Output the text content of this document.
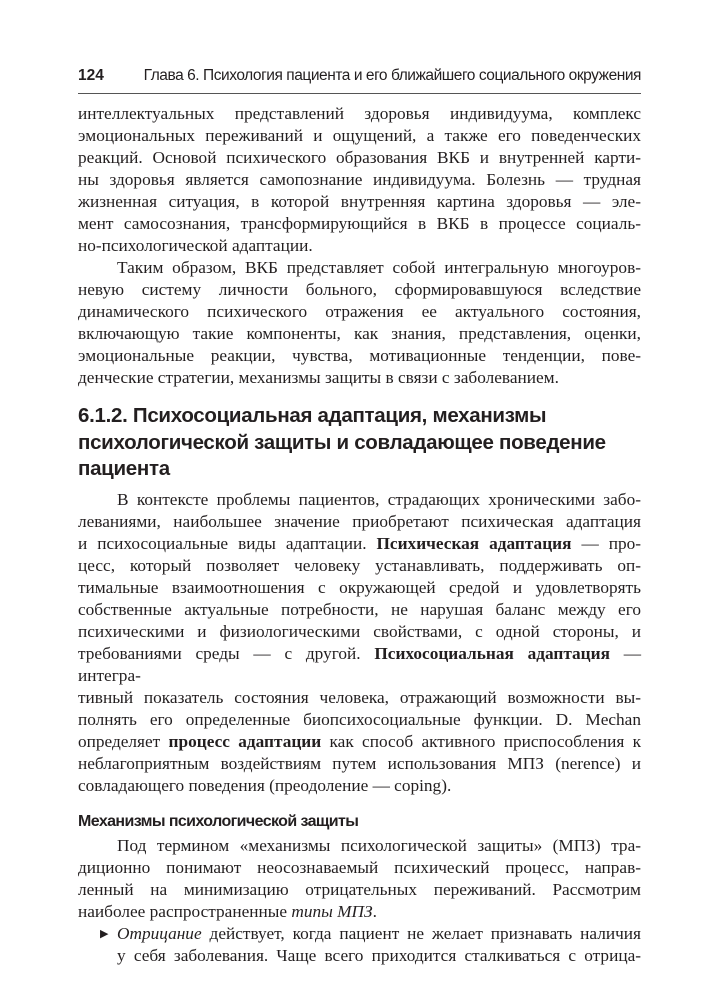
124	Глава 6. Психология пациента и его ближайшего социального окружения
интеллектуальных представлений здоровья индивидуума, комплекс
эмоциональных переживаний и ощущений, а также его поведенческих
реакций. Основой психического образования ВКБ и внутренней карти-
ны здоровья является самопознание индивидуума. Болезнь — трудная
жизненная ситуация, в которой внутренняя картина здоровья — эле-
мент самосознания, трансформирующийся в ВКБ в процессе социаль-
но-психологической адаптации.
Таким образом, ВКБ представляет собой интегральную многоуров-
невую систему личности больного, сформировавшуюся вследствие
динамического психического отражения ее актуального состояния,
включающую такие компоненты, как знания, представления, оценки,
эмоциональные реакции, чувства, мотивационные тенденции, пове-
денческие стратегии, механизмы защиты в связи с заболеванием.
6.1.2. Психосоциальная адаптация, механизмы
психологической защиты и совладающее поведение
пациента
В контексте проблемы пациентов, страдающих хроническими забо-
леваниями, наибольшее значение приобретают психическая адаптация
и психосоциальные виды адаптации. Психическая адаптация — про-
цесс, который позволяет человеку устанавливать, поддерживать оп-
тимальные взаимоотношения с окружающей средой и удовлетворять
собственные актуальные потребности, не нарушая баланс между его
психическими и физиологическими свойствами, с одной стороны, и
требованиями среды — с другой. Психосоциальная адаптация — интегра-
тивный показатель состояния человека, отражающий возможности вы-
полнять его определенные биопсихосоциальные функции. D. Mechan
определяет процесс адаптации как способ активного приспособления к
неблагоприятным воздействиям путем использования МПЗ (nerence) и
совладающего поведения (преодоление — coping).
Механизмы психологической защиты
Под термином «механизмы психологической защиты» (МПЗ) тра-
диционно понимают неосознаваемый психический процесс, направ-
ленный на минимизацию отрицательных переживаний. Рассмотрим
наиболее распространенные типы МПЗ.
▶ Отрицание действует, когда пациент не желает признавать наличия
у себя заболевания. Чаще всего приходится сталкиваться с отрица-
